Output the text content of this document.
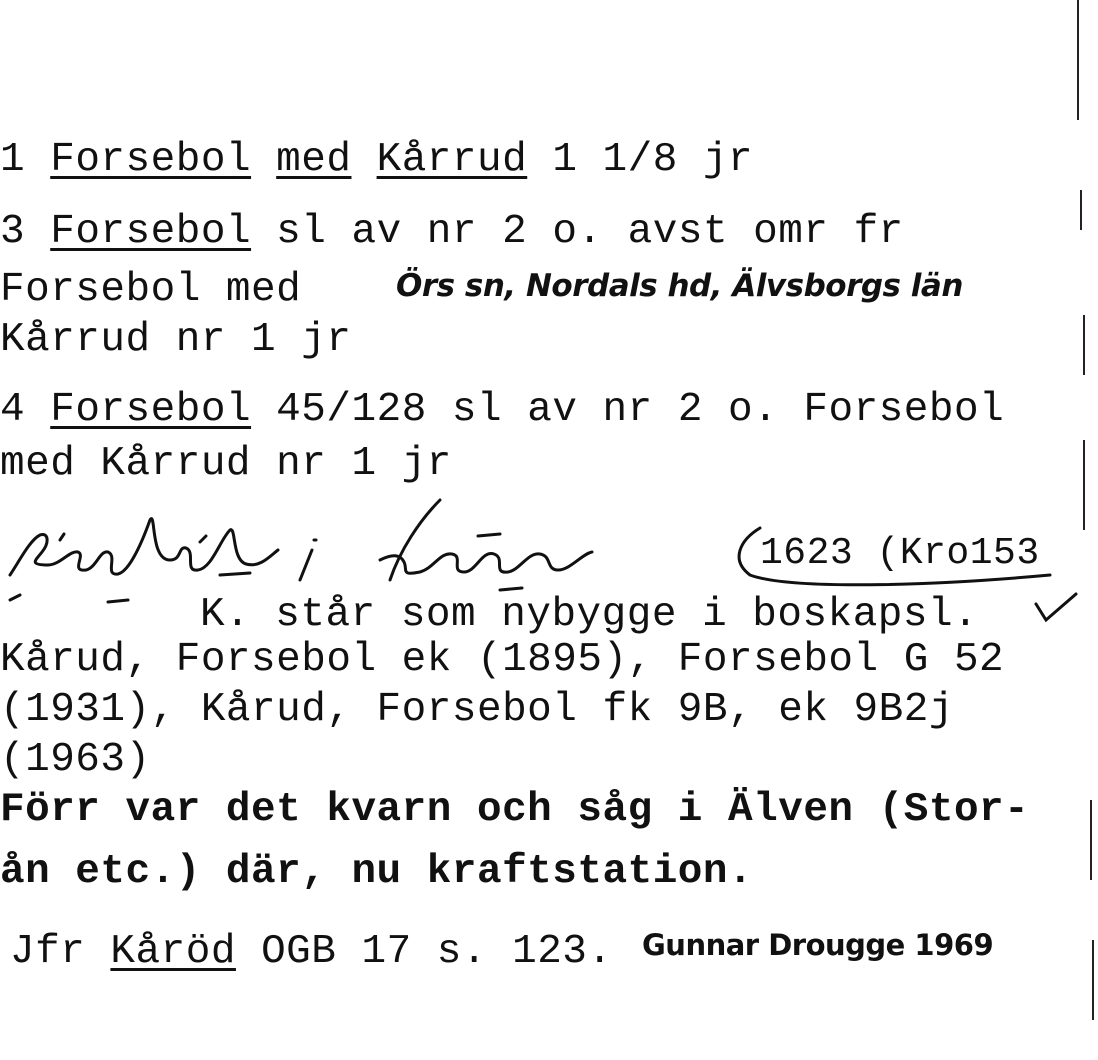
1 Forsebol med Kårrud 1 1/8 jr
3 Forsebol sl av nr 2 o. avst omr fr
Forsebol med	Örs sn, Nordals hd, Älvsborgs län
Kårrud nr 1 jr
4 Forsebol 45/128 sl av nr 2 o. Forsebol
med Kårrud nr 1 jr
1623 (Kro153
K. står som nybygge i boskapsl.
Kårud, Forsebol ek (1895), Forsebol G 52
(1931), Kårud, Forsebol fk 9B, ek 9B2j
(1963)
Förr var det kvarn och såg i Älven (Stor-
ån etc.) där, nu kraftstation.
Jfr Kåröd OGB 17 s. 123. Gunnar Drougge 1969
